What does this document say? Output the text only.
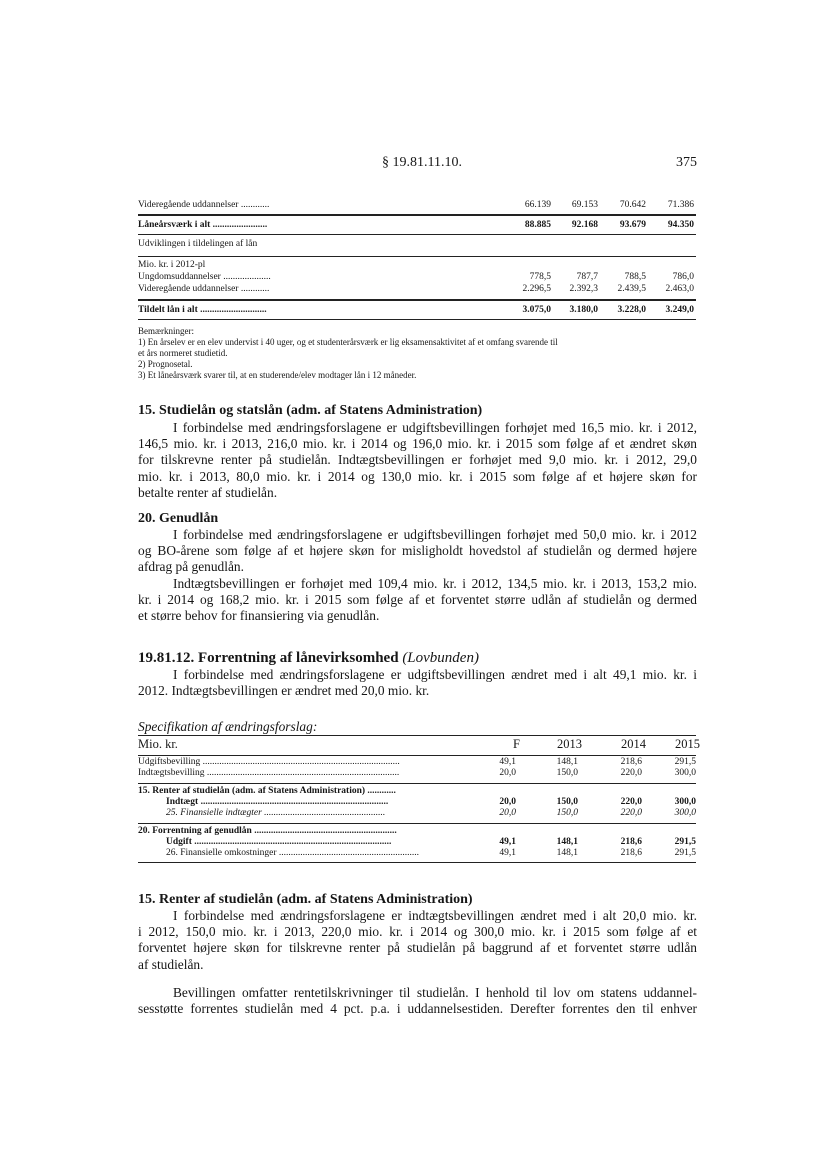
§ 19.81.11.10.	375
Videregående uddannelser ............	66.139	69.153	70.642	71.386
Låneårsværk i alt .......................	88.885	92.168	93.679	94.350
Udviklingen i tildelingen af lån
Mio. kr. i 2012-pl
Ungdomsuddannelser ....................	778,5	787,7	788,5	786,0
Videregående uddannelser ............	2.296,5	2.392,3	2.439,5	2.463,0
Tildelt lån i alt ............................	3.075,0	3.180,0	3.228,0	3.249,0
Bemærkninger:
1) En årselev er en elev undervist i 40 uger, og et studenterårsværk er lig eksamensaktivitet af et omfang svarende til
et års normeret studietid.
2) Prognosetal.
3) Et låneårsværk svarer til, at en studerende/elev modtager lån i 12 måneder.
15. Studielån og statslån (adm. af Statens Administration)
I forbindelse med ændringsforslagene er udgiftsbevillingen forhøjet med 16,5 mio. kr. i 2012,
146,5 mio. kr. i 2013, 216,0 mio. kr. i 2014 og 196,0 mio. kr. i 2015 som følge af et ændret skøn
for tilskrevne renter på studielån. Indtægtsbevillingen er forhøjet med 9,0 mio. kr. i 2012, 29,0
mio. kr. i 2013, 80,0 mio. kr. i 2014 og 130,0 mio. kr. i 2015 som følge af et højere skøn for
betalte renter af studielån.
20. Genudlån
I forbindelse med ændringsforslagene er udgiftsbevillingen forhøjet med 50,0 mio. kr. i 2012
og BO-årene som følge af et højere skøn for misligholdt hovedstol af studielån og dermed højere
afdrag på genudlån.
Indtægtsbevillingen er forhøjet med 109,4 mio. kr. i 2012, 134,5 mio. kr. i 2013, 153,2 mio.
kr. i 2014 og 168,2 mio. kr. i 2015 som følge af et forventet større udlån af studielån og dermed
et større behov for finansiering via genudlån.
19.81.12. Forrentning af lånevirksomhed (Lovbunden)
I forbindelse med ændringsforslagene er udgiftsbevillingen ændret med i alt 49,1 mio. kr. i
2012. Indtægtsbevillingen er ændret med 20,0 mio. kr.
Specifikation af ændringsforslag:
Mio. kr.	F	2013	2014	2015
Udgiftsbevilling ...................................................................................	49,1	148,1	218,6	291,5
Indtægtsbevilling .................................................................................	20,0	150,0	220,0	300,0
15. Renter af studielån (adm. af Statens Administration) ............
Indtægt ...............................................................................	20,0	150,0	220,0	300,0
25. Finansielle indtægter ...................................................	20,0	150,0	220,0	300,0
20. Forrentning af genudlån ............................................................
Udgift ...................................................................................	49,1	148,1	218,6	291,5
26. Finansielle omkostninger ...........................................................	49,1	148,1	218,6	291,5
15. Renter af studielån (adm. af Statens Administration)
I forbindelse med ændringsforslagene er indtægtsbevillingen ændret med i alt 20,0 mio. kr.
i 2012, 150,0 mio. kr. i 2013, 220,0 mio. kr. i 2014 og 300,0 mio. kr. i 2015 som følge af et
forventet højere skøn for tilskrevne renter på studielån på baggrund af et forventet større udlån
af studielån.
Bevillingen omfatter rentetilskrivninger til studielån. I henhold til lov om statens uddannel-
sesstøtte forrentes studielån med 4 pct. p.a. i uddannelsestiden. Derefter forrentes den til enhver
